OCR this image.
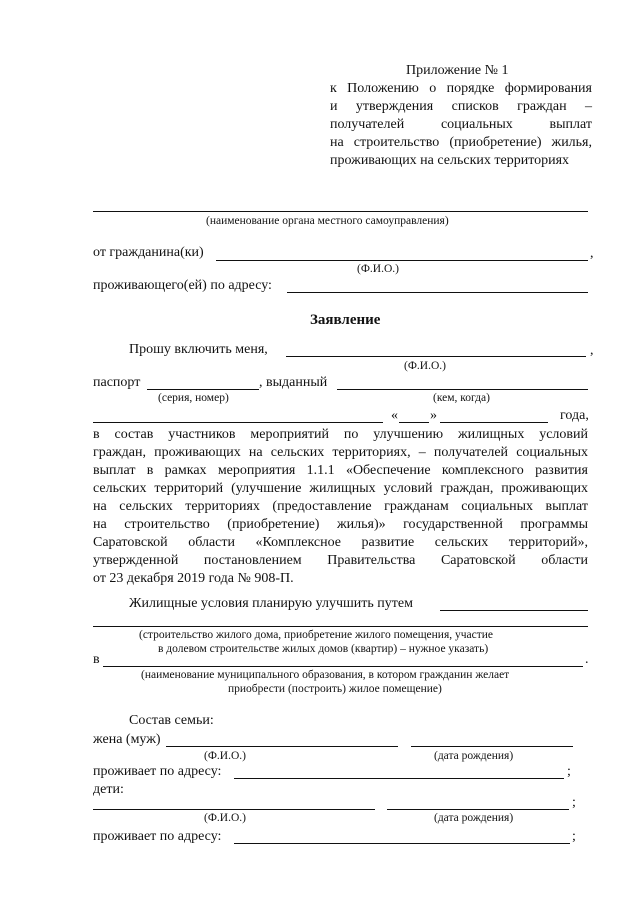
Приложение № 1
к Положению о порядке формирования
и утверждения списков граждан –
получателей социальных выплат
на строительство (приобретение) жилья,
проживающих на сельских территориях
(наименование органа местного самоуправления)
от гражданина(ки)	,
(Ф.И.О.)
проживающего(ей) по адресу:
Заявление
Прошу включить меня,	,
(Ф.И.О.)
паспорт	, выданный
(серия, номер)	(кем, когда)
« »	года,
в состав участников мероприятий по улучшению жилищных условий
граждан, проживающих на сельских территориях, – получателей социальных
выплат в рамках мероприятия 1.1.1 «Обеспечение комплексного развития
сельских территорий (улучшение жилищных условий граждан, проживающих
на сельских территориях (предоставление гражданам социальных выплат
на строительство (приобретение) жилья)» государственной программы
Саратовской области «Комплексное развитие сельских территорий»,
утвержденной постановлением Правительства Саратовской области
от 23 декабря 2019 года № 908-П.
Жилищные условия планирую улучшить путем
(строительство жилого дома, приобретение жилого помещения, участие
в долевом строительстве жилых домов (квартир) – нужное указать)
в	.
(наименование муниципального образования, в котором гражданин желает
приобрести (построить) жилое помещение)
Состав семьи:
жена (муж)
(Ф.И.О.)	(дата рождения)
проживает по адресу:	;
дети:
;
(Ф.И.О.)	(дата рождения)
проживает по адресу:	;
